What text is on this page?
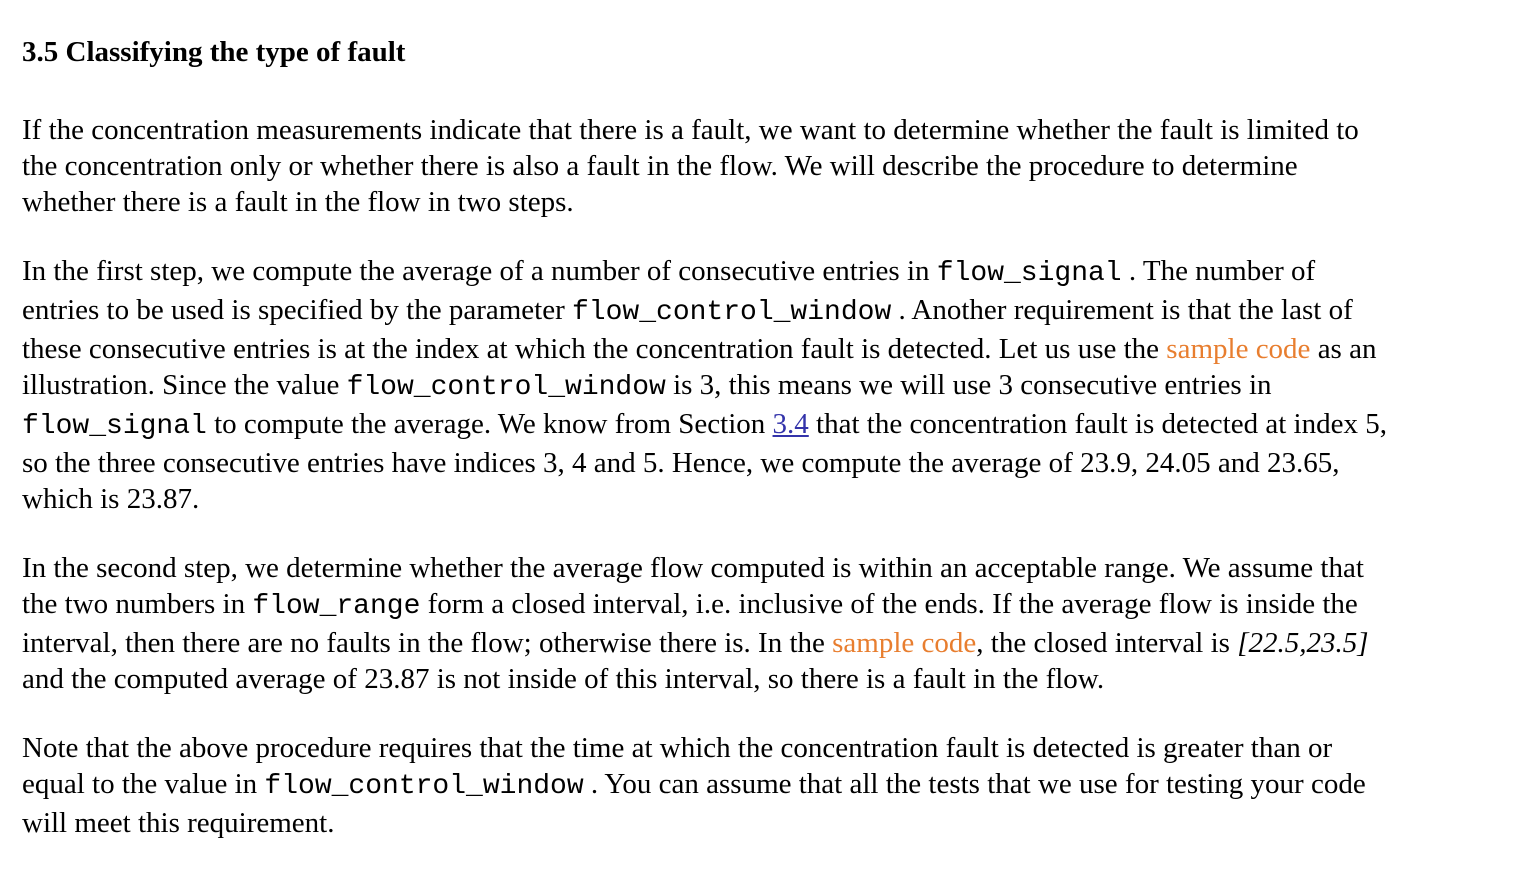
3.5 Classifying the type of fault

If the concentration measurements indicate that there is a fault, we want to determine whether the fault is limited to the concentration only or whether there is also a fault in the flow. We will describe the procedure to determine whether there is a fault in the flow in two steps.

In the first step, we compute the average of a number of consecutive entries in flow_signal . The number of entries to be used is specified by the parameter flow_control_window . Another requirement is that the last of these consecutive entries is at the index at which the concentration fault is detected. Let us use the sample code as an illustration. Since the value flow_control_window is 3, this means we will use 3 consecutive entries in flow_signal to compute the average. We know from Section 3.4 that the concentration fault is detected at index 5, so the three consecutive entries have indices 3, 4 and 5. Hence, we compute the average of 23.9, 24.05 and 23.65, which is 23.87.

In the second step, we determine whether the average flow computed is within an acceptable range. We assume that the two numbers in flow_range form a closed interval, i.e. inclusive of the ends. If the average flow is inside the interval, then there are no faults in the flow; otherwise there is. In the sample code, the closed interval is [22.5,23.5] and the computed average of 23.87 is not inside of this interval, so there is a fault in the flow.

Note that the above procedure requires that the time at which the concentration fault is detected is greater than or equal to the value in flow_control_window . You can assume that all the tests that we use for testing your code will meet this requirement.
